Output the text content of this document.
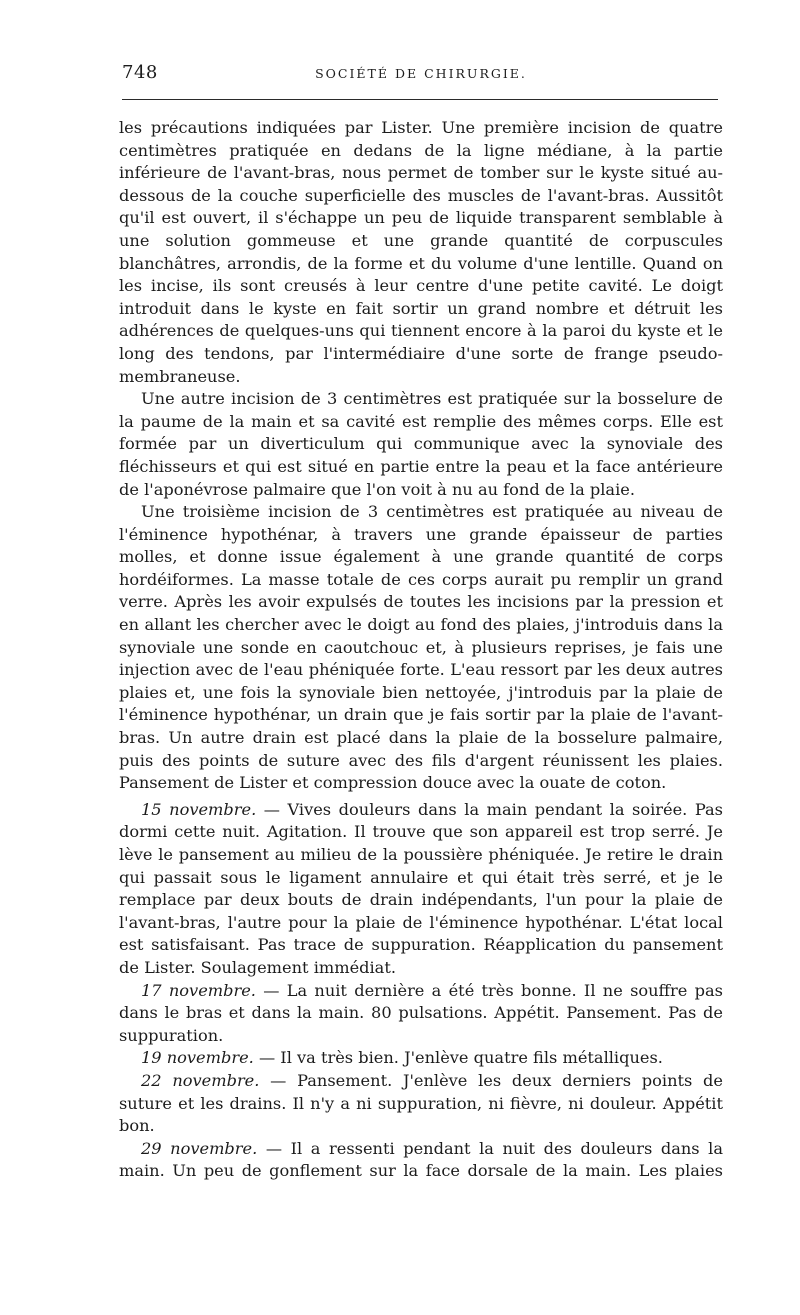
748	SOCIÉTÉ DE CHIRURGIE.

les précautions indiquées par Lister. Une première incision de quatre centimètres pratiquée en dedans de la ligne médiane, à la partie inférieure de l'avant-bras, nous permet de tomber sur le kyste situé au-dessous de la couche superficielle des muscles de l'avant-bras. Aussitôt qu'il est ouvert, il s'échappe un peu de liquide transparent semblable à une solution gommeuse et une grande quantité de corpuscules blanchâtres, arrondis, de la forme et du volume d'une lentille. Quand on les incise, ils sont creusés à leur centre d'une petite cavité. Le doigt introduit dans le kyste en fait sortir un grand nombre et détruit les adhérences de quelques-uns qui tiennent encore à la paroi du kyste et le long des tendons, par l'intermédiaire d'une sorte de frange pseudo-membraneuse.

Une autre incision de 3 centimètres est pratiquée sur la bosselure de la paume de la main et sa cavité est remplie des mêmes corps. Elle est formée par un diverticulum qui communique avec la synoviale des fléchisseurs et qui est situé en partie entre la peau et la face antérieure de l'aponévrose palmaire que l'on voit à nu au fond de la plaie.

Une troisième incision de 3 centimètres est pratiquée au niveau de l'éminence hypothénar, à travers une grande épaisseur de parties molles, et donne issue également à une grande quantité de corps hordéiformes. La masse totale de ces corps aurait pu remplir un grand verre. Après les avoir expulsés de toutes les incisions par la pression et en allant les chercher avec le doigt au fond des plaies, j'introduis dans la synoviale une sonde en caoutchouc et, à plusieurs reprises, je fais une injection avec de l'eau phéniquée forte. L'eau ressort par les deux autres plaies et, une fois la synoviale bien nettoyée, j'introduis par la plaie de l'éminence hypothénar, un drain que je fais sortir par la plaie de l'avant-bras. Un autre drain est placé dans la plaie de la bosselure palmaire, puis des points de suture avec des fils d'argent réunissent les plaies. Pansement de Lister et compression douce avec la ouate de coton.

15 novembre. — Vives douleurs dans la main pendant la soirée. Pas dormi cette nuit. Agitation. Il trouve que son appareil est trop serré. Je lève le pansement au milieu de la poussière phéniquée. Je retire le drain qui passait sous le ligament annulaire et qui était très serré, et je le remplace par deux bouts de drain indépendants, l'un pour la plaie de l'avant-bras, l'autre pour la plaie de l'éminence hypothénar. L'état local est satisfaisant. Pas trace de suppuration. Réapplication du pansement de Lister. Soulagement immédiat.

17 novembre. — La nuit dernière a été très bonne. Il ne souffre pas dans le bras et dans la main. 80 pulsations. Appétit. Pansement. Pas de suppuration.

19 novembre. — Il va très bien. J'enlève quatre fils métalliques.

22 novembre. — Pansement. J'enlève les deux derniers points de suture et les drains. Il n'y a ni suppuration, ni fièvre, ni douleur. Appétit bon.

29 novembre. — Il a ressenti pendant la nuit des douleurs dans la main. Un peu de gonflement sur la face dorsale de la main. Les plaies
